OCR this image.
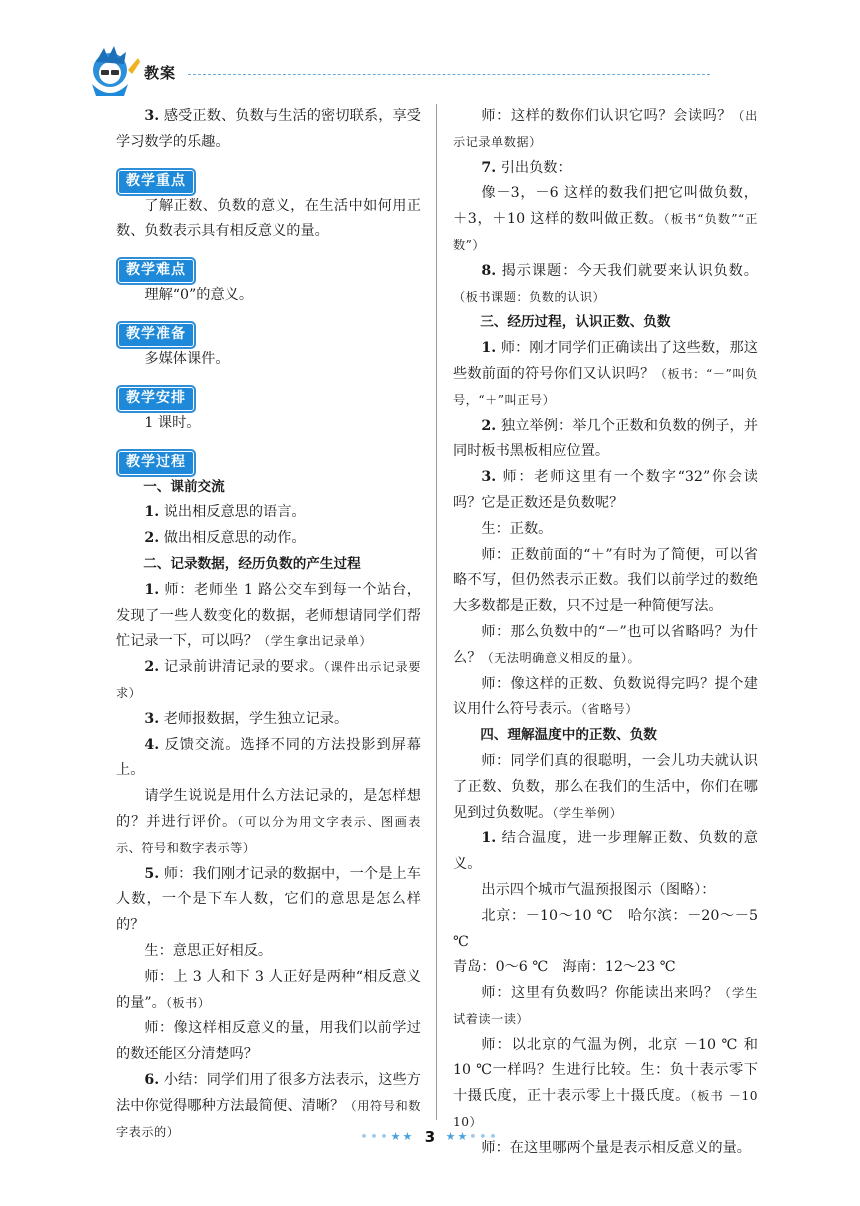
教案

3. 感受正数、负数与生活的密切联系，享受学习数学的乐趣。

教学重点

了解正数、负数的意义，在生活中如何用正数、负数表示具有相反意义的量。

教学难点

理解“0”的意义。

教学准备

多媒体课件。

教学安排

1 课时。

教学过程

一、课前交流

1. 说出相反意思的语言。

2. 做出相反意思的动作。

二、记录数据，经历负数的产生过程

1. 师：老师坐 1 路公交车到每一个站台，发现了一些人数变化的数据，老师想请同学们帮忙记录一下，可以吗？（学生拿出记录单）

2. 记录前讲清记录的要求。（课件出示记录要求）

3. 老师报数据，学生独立记录。

4. 反馈交流。选择不同的方法投影到屏幕上。

请学生说说是用什么方法记录的，是怎样想的？并进行评价。（可以分为用文字表示、图画表示、符号和数字表示等）

5. 师：我们刚才记录的数据中，一个是上车人数，一个是下车人数，它们的意思是怎么样的？

生：意思正好相反。

师：上 3 人和下 3 人正好是两种“相反意义的量”。（板书）

师：像这样相反意义的量，用我们以前学过的数还能区分清楚吗？

6. 小结：同学们用了很多方法表示，这些方法中你觉得哪种方法最简便、清晰？（用符号和数字表示的）

师：这样的数你们认识它吗？会读吗？（出示记录单数据）

7. 引出负数：

像－3，－6 这样的数我们把它叫做负数，＋3，＋10 这样的数叫做正数。（板书“负数”“正数”）

8. 揭示课题：今天我们就要来认识负数。（板书课题：负数的认识）

三、经历过程，认识正数、负数

1. 师：刚才同学们正确读出了这些数，那这些数前面的符号你们又认识吗？（板书：“－”叫负号，“＋”叫正号）

2. 独立举例：举几个正数和负数的例子，并同时板书黑板相应位置。

3. 师：老师这里有一个数字“32”你会读吗？它是正数还是负数呢？

生：正数。

师：正数前面的“＋”有时为了简便，可以省略不写，但仍然表示正数。我们以前学过的数绝大多数都是正数，只不过是一种简便写法。

师：那么负数中的“－”也可以省略吗？为什么？（无法明确意义相反的量）。

师：像这样的正数、负数说得完吗？提个建议用什么符号表示。（省略号）

四、理解温度中的正数、负数

师：同学们真的很聪明，一会儿功夫就认识了正数、负数，那么在我们的生活中，你们在哪见到过负数呢。（学生举例）

1. 结合温度，进一步理解正数、负数的意义。

出示四个城市气温预报图示（图略）：

北京：－10～10 ℃　哈尔滨：－20～－5 ℃

青岛：0～6 ℃　海南：12～23 ℃

师：这里有负数吗？你能读出来吗？（学生试着读一读）

师：以北京的气温为例，北京 －10 ℃ 和 10 ℃一样吗？生进行比较。生：负十表示零下十摄氏度，正十表示零上十摄氏度。（板书 －10　10）

师：在这里哪两个量是表示相反意义的量。

•••★★ 3 ★★•••
